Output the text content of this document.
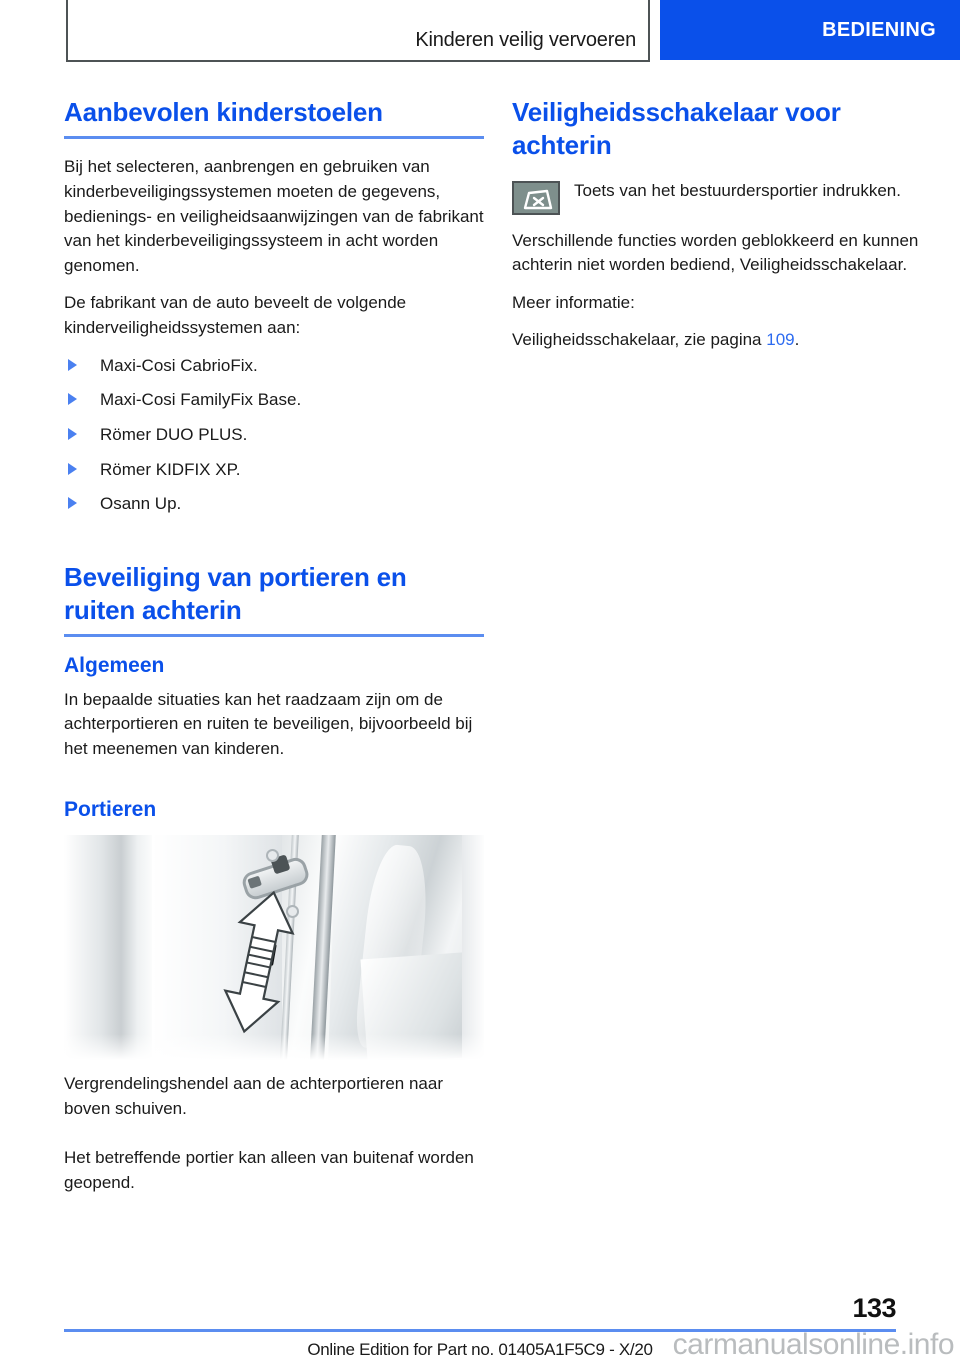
Kinderen veilig vervoeren	BEDIENING
Aanbevolen kinderstoelen

Bij het selecteren, aanbrengen en gebruiken van kinderbeveiligingssystemen moeten de gegevens, bedienings- en veiligheidsaanwijzingen van de fabrikant van het kinderbeveiligingssysteem in acht worden genomen.

De fabrikant van de auto beveelt de volgende kinderveiligheidssystemen aan:

Maxi-Cosi CabrioFix.
Maxi-Cosi FamilyFix Base.
Römer DUO PLUS.
Römer KIDFIX XP.
Osann Up.
Beveiliging van portieren en ruiten achterin
Algemeen

In bepaalde situaties kan het raadzaam zijn om de achterportieren en ruiten te beveiligen, bijvoorbeeld bij het meenemen van kinderen.

Portieren

Vergrendelingshendel aan de achterportieren naar boven schuiven.

Het betreffende portier kan alleen van buitenaf worden geopend.

Veiligheidsschakelaar voor achterin
Toets van het bestuurdersportier indrukken.

Verschillende functies worden geblokkeerd en kunnen achterin niet worden bediend, Veiligheidsschakelaar.

Meer informatie:

Veiligheidsschakelaar, zie pagina 109.

133
Online Edition for Part no. 01405A1F5C9 - X/20 carmanualsonline.info
